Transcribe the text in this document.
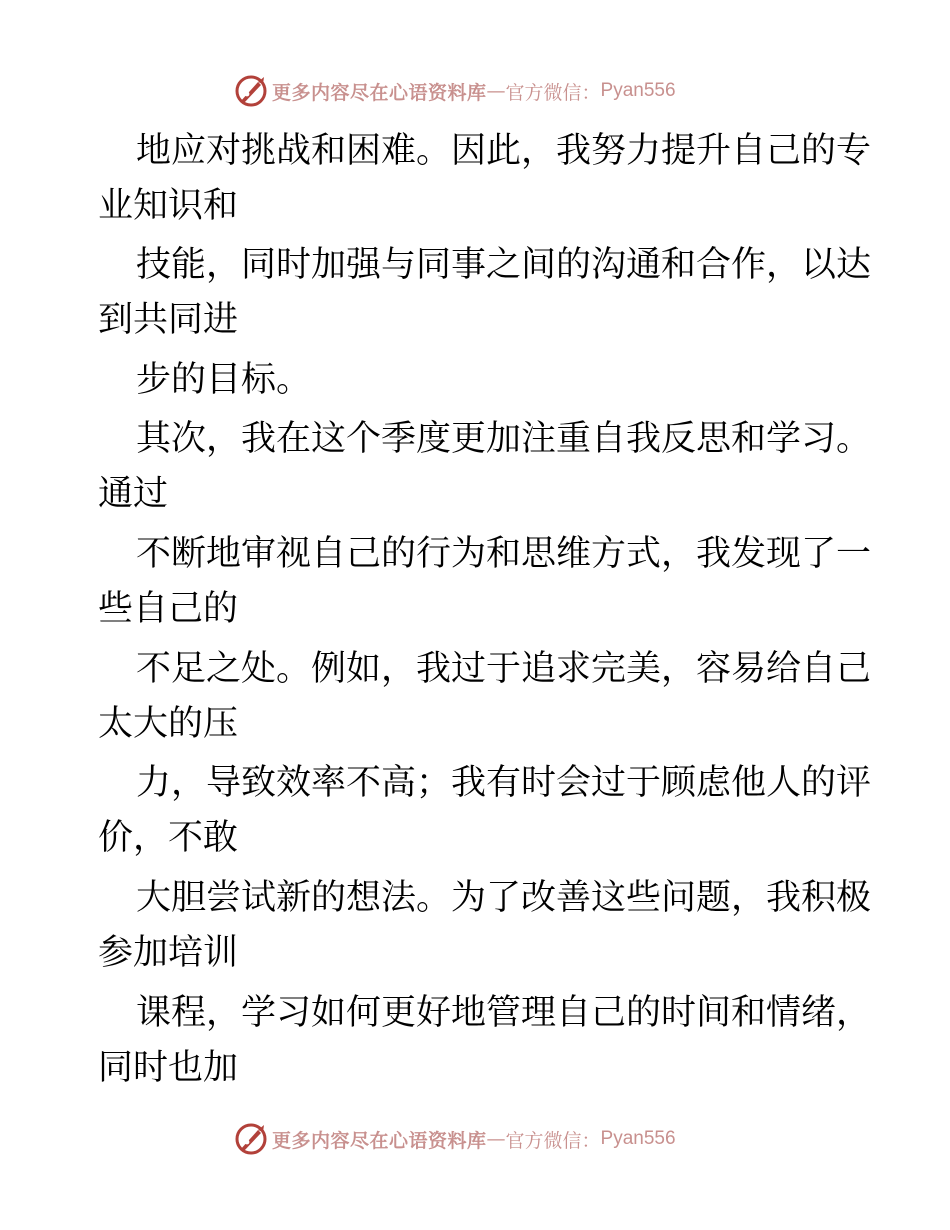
更多内容尽在心语资料库 — 官方微信： Pyan556
地应对挑战和困难。因此，我努力提升自己的专
业知识和
技能，同时加强与同事之间的沟通和合作，以达
到共同进
步的目标。
其次，我在这个季度更加注重自我反思和学习。
通过
不断地审视自己的行为和思维方式，我发现了一
些自己的
不足之处。例如，我过于追求完美，容易给自己
太大的压
力，导致效率不高；我有时会过于顾虑他人的评
价，不敢
大胆尝试新的想法。为了改善这些问题，我积极
参加培训
课程，学习如何更好地管理自己的时间和情绪，
同时也加
更多内容尽在心语资料库 — 官方微信： Pyan556
